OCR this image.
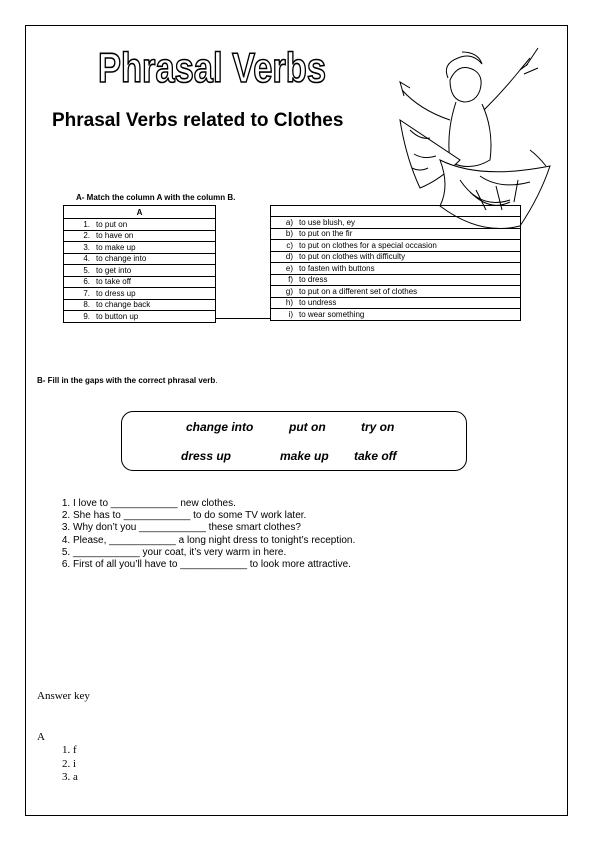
Phrasal Verbs
Phrasal Verbs related to Clothes
A- Match the column A with the column B.
A
1. to put on
2. to have on
3. to make up
4. to change into
5. to get into
6. to take off
7. to dress up
8. to change back
9. to button up

a) to use blush, ey
b) to put on the fir
c) to put on clothes for a special occasion
d) to put on clothes with difficulty
e) to fasten with buttons
f) to dress
g) to put on a different set of clothes
h) to undress
i) to wear something
B- Fill in the gaps with the correct phrasal verb.
change into	put on	try on
dress up	make up take off
1. I love to ____________ new clothes.
2. She has to ____________ to do some TV work later.
3. Why don’t you ____________ these smart clothes?
4. Please, ____________ a long night dress to tonight’s reception.
5. ____________ your coat, it’s very warm in here.
6. First of all you’ll have to ____________ to look more attractive.
Answer key
A
1. f
2. i
3. a
